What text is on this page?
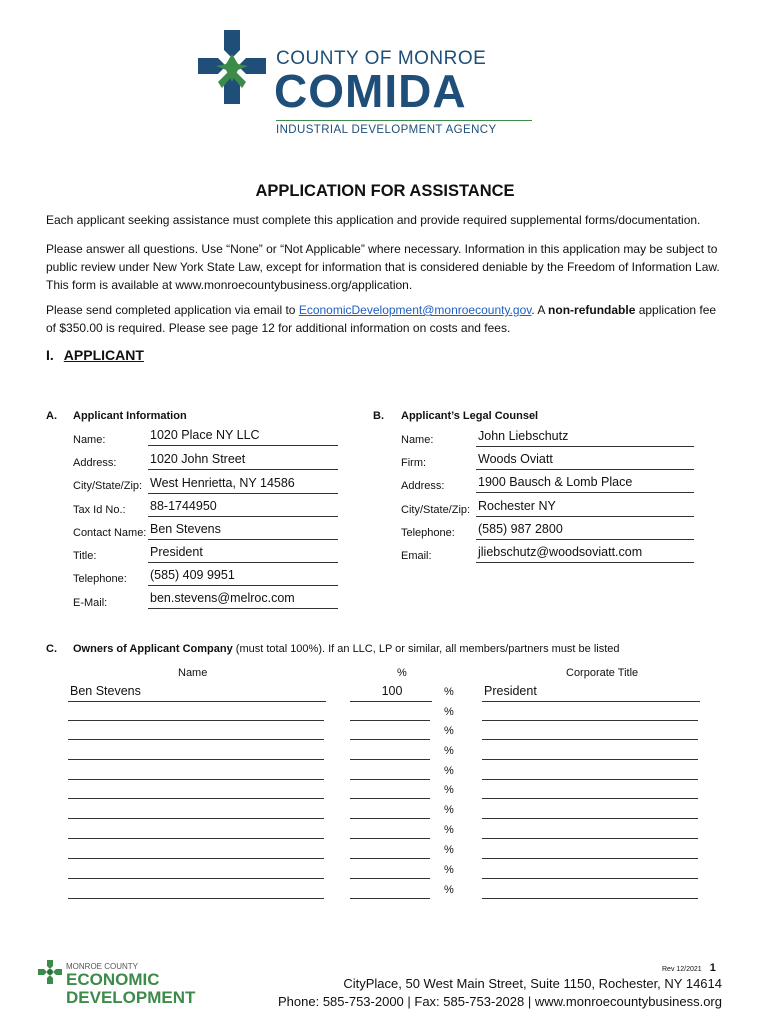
COUNTY OF MONROE
COMIDA
INDUSTRIAL DEVELOPMENT AGENCY
APPLICATION FOR ASSISTANCE
Each applicant seeking assistance must complete this application and provide required supplemental forms/documentation.
Please answer all questions. Use “None” or “Not Applicable” where necessary. Information in this application may be subject to public review under New York State Law, except for information that is considered deniable by the Freedom of Information Law. This form is available at www.monroecountybusiness.org/application.
Please send completed application via email to EconomicDevelopment@monroecounty.gov. A non-refundable application fee of $350.00 is required. Please see page 12 for additional information on costs and fees.
I. APPLICANT
A. Applicant Information
Name:	1020 Place NY LLC
Address:	1020 John Street
City/State/Zip: West Henrietta, NY 14586
Tax Id No.: 88-1744950
Contact Name: Ben Stevens
Title:	President
Telephone: (585) 409 9951
E-Mail:	ben.stevens@melroc.com
B. Applicant’s Legal Counsel
Name:	John Liebschutz
Firm:	Woods Oviatt
Address:	1900 Bausch & Lomb Place
City/State/Zip: Rochester NY
Telephone: (585) 987 2800
Email:	jliebschutz@woodsoviatt.com
C. Owners of Applicant Company (must total 100%). If an LLC, LP or similar, all members/partners must be listed
Name	%	Corporate Title
Ben Stevens	100	% President
%
%
%
%
%
%
%
%
%
%
Rev 12/2021 1
MONROE COUNTY
ECONOMIC
DEVELOPMENT
CityPlace, 50 West Main Street, Suite 1150, Rochester, NY 14614
Phone: 585-753-2000 | Fax: 585-753-2028 | www.monroecountybusiness.org
